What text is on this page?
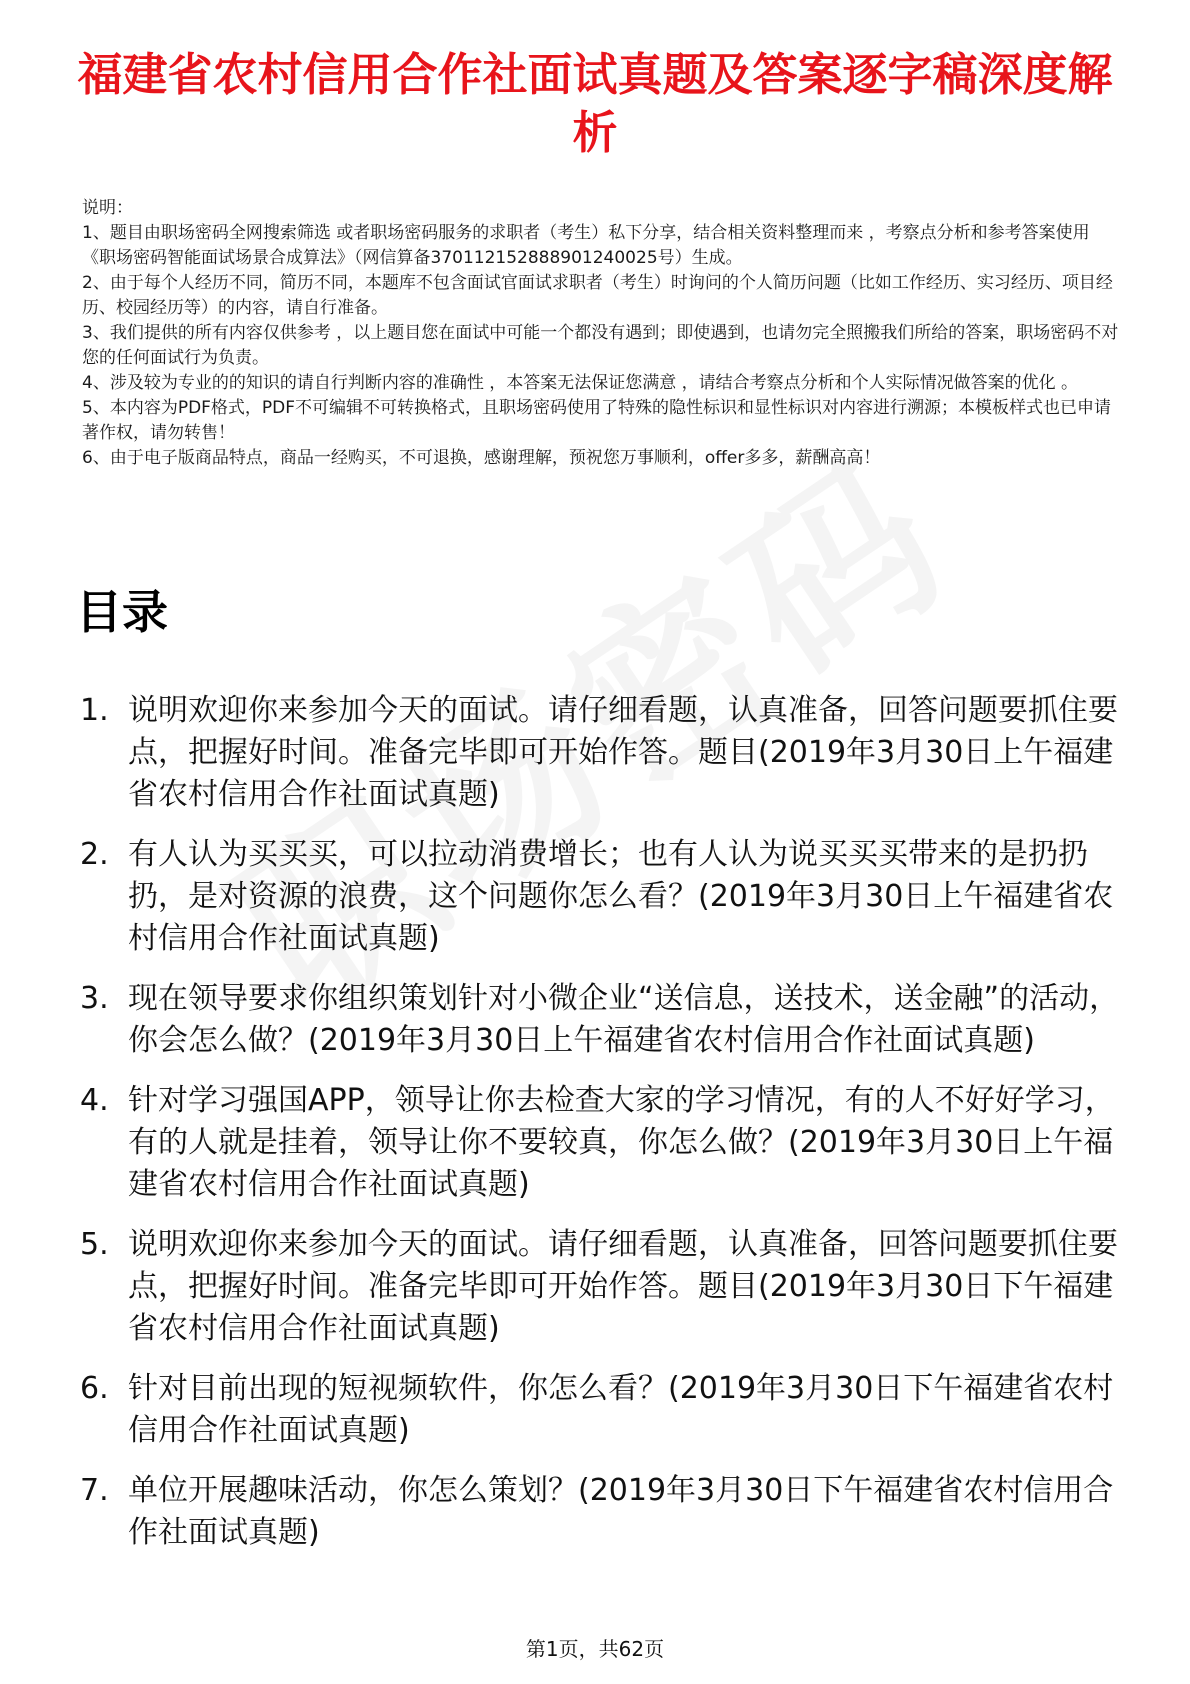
福建省农村信用合作社面试真题及答案逐字稿深度解析

说明：

1、题目由职场密码全网搜索筛选 或者职场密码服务的求职者（考生）私下分享，结合相关资料整理而来 ，考察点分析和参考答案使用《职场密码智能面试场景合成算法》（网信算备370112152888901240025号）生成。

2、由于每个人经历不同，简历不同，本题库不包含面试官面试求职者（考生）时询问的个人简历问题（比如工作经历、实习经历、项目经历、校园经历等）的内容，请自行准备。

3、我们提供的所有内容仅供参考 ，以上题目您在面试中可能一个都没有遇到；即使遇到，也请勿完全照搬我们所给的答案，职场密码不对您的任何面试行为负责。

4、涉及较为专业的的知识的请自行判断内容的准确性 ，本答案无法保证您满意 ，请结合考察点分析和个人实际情况做答案的优化 。

5、本内容为PDF格式，PDF不可编辑不可转换格式，且职场密码使用了特殊的隐性标识和显性标识对内容进行溯源；本模板样式也已申请著作权，请勿转售！

6、由于电子版商品特点，商品一经购买，不可退换，感谢理解，预祝您万事顺利，offer多多，薪酬高高！

目录
1. 说明欢迎你来参加今天的面试。请仔细看题，认真准备，回答问题要抓住要点，把握好时间。准备完毕即可开始作答。题目(2019年3月30日上午福建省农村信用合作社面试真题)
2. 有人认为买买买，可以拉动消费增长；也有人认为说买买买带来的是扔扔扔，是对资源的浪费，这个问题你怎么看？(2019年3月30日上午福建省农村信用合作社面试真题)
3. 现在领导要求你组织策划针对小微企业“送信息，送技术，送金融”的活动，你会怎么做？(2019年3月30日上午福建省农村信用合作社面试真题)
4. 针对学习强国APP，领导让你去检查大家的学习情况，有的人不好好学习，有的人就是挂着，领导让你不要较真，你怎么做？(2019年3月30日上午福建省农村信用合作社面试真题)
5. 说明欢迎你来参加今天的面试。请仔细看题，认真准备，回答问题要抓住要点，把握好时间。准备完毕即可开始作答。题目(2019年3月30日下午福建省农村信用合作社面试真题)
6. 针对目前出现的短视频软件，你怎么看？(2019年3月30日下午福建省农村信用合作社面试真题)
7. 单位开展趣味活动，你怎么策划？(2019年3月30日下午福建省农村信用合作社面试真题)
第1页，共62页
